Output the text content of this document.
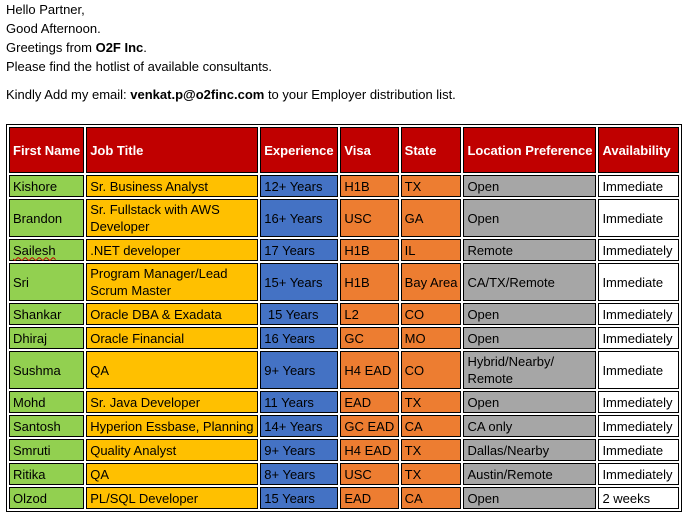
Hello Partner,

Good Afternoon.

Greetings from O2F Inc.

Please find the hotlist of available consultants.

Kindly Add my email: venkat.p@o2finc.com to your Employer distribution list.

First Name	Job Title	Experience	Visa	State	Location Preference	Availability
Kishore	Sr. Business Analyst	12+ Years	H1B	TX	Open	Immediate
Brandon	Sr. Fullstack with AWS Developer	16+ Years	USC	GA	Open	Immediate
Sailesh	.NET developer	17 Years	H1B	IL	Remote	Immediately
Sri	Program Manager/Lead Scrum Master	15+ Years	H1B	Bay Area	CA/TX/Remote	Immediate
Shankar	Oracle DBA & Exadata	15 Years	L2	CO	Open	Immediately
Dhiraj	Oracle Financial	16 Years	GC	MO	Open	Immediately
Sushma	QA	9+ Years	H4 EAD	CO	Hybrid/Nearby/ Remote	Immediate
Mohd	Sr. Java Developer	11 Years	EAD	TX	Open	Immediately
Santosh	Hyperion Essbase, Planning	14+ Years	GC EAD	CA	CA only	Immediately
Smruti	Quality Analyst	9+ Years	H4 EAD	TX	Dallas/Nearby	Immediate
Ritika	QA	8+ Years	USC	TX	Austin/Remote	Immediately
Olzod	PL/SQL Developer	15 Years	EAD	CA	Open	2 weeks
